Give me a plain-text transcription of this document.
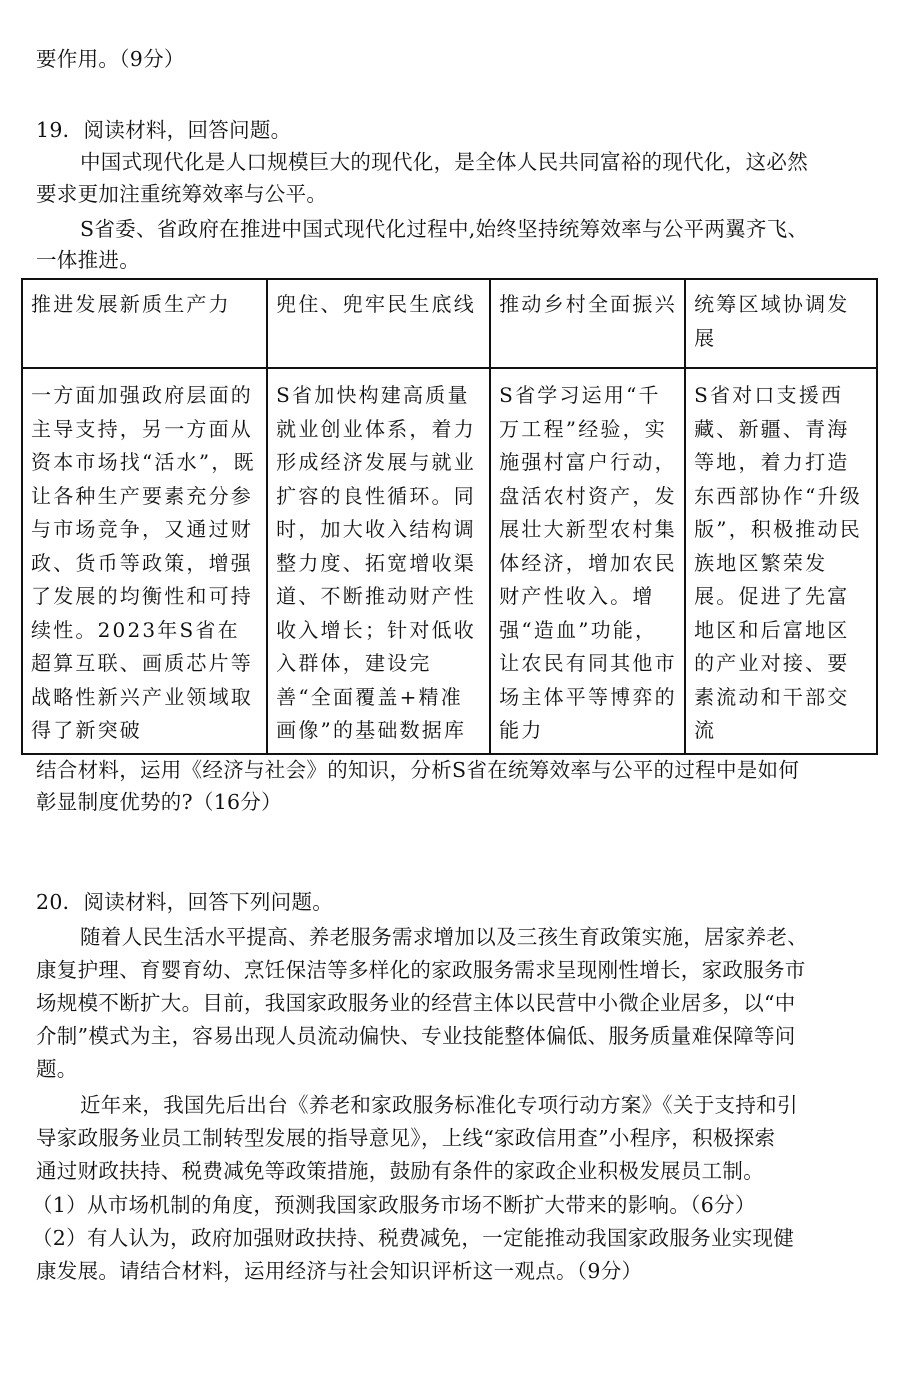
要作用。（9分）
19．阅读材料，回答问题。
中国式现代化是人口规模巨大的现代化，是全体人民共同富裕的现代化，这必然
要求更加注重统筹效率与公平。
S省委、省政府在推进中国式现代化过程中,始终坚持统筹效率与公平两翼齐飞、
一体推进。
推进发展新质生产力	兜住、兜牢民生底线	推动乡村全面振兴	统筹区域协调发展
一方面加强政府层面的主导支持，另一方面从资本市场找“活水”，既让各种生产要素充分参与市场竞争，又通过财政、货币等政策，增强了发展的均衡性和可持续性。2023年S省在超算互联、画质芯片等战略性新兴产业领域取得了新突破	S省加快构建高质量就业创业体系，着力形成经济发展与就业扩容的良性循环。同时，加大收入结构调整力度、拓宽增收渠道、不断推动财产性收入增长；针对低收入群体，建设完善“全面覆盖+精准画像”的基础数据库	S省学习运用“千万工程”经验，实施强村富户行动，盘活农村资产，发展壮大新型农村集体经济，增加农民财产性收入。增强“造血”功能，让农民有同其他市场主体平等博弈的能力	S省对口支援西藏、新疆、青海等地，着力打造东西部协作“升级版”，积极推动民族地区繁荣发展。促进了先富地区和后富地区的产业对接、要素流动和干部交流
结合材料，运用《经济与社会》的知识，分析S省在统筹效率与公平的过程中是如何
彰显制度优势的?（16分）
20．阅读材料，回答下列问题。
随着人民生活水平提高、养老服务需求增加以及三孩生育政策实施，居家养老、
康复护理、育婴育幼、烹饪保洁等多样化的家政服务需求呈现刚性增长，家政服务市
场规模不断扩大。目前，我国家政服务业的经营主体以民营中小微企业居多，以“中
介制”模式为主，容易出现人员流动偏快、专业技能整体偏低、服务质量难保障等问
题。
近年来，我国先后出台《养老和家政服务标准化专项行动方案》《关于支持和引
导家政服务业员工制转型发展的指导意见》，上线“家政信用查”小程序，积极探索
通过财政扶持、税费减免等政策措施，鼓励有条件的家政企业积极发展员工制。
（1）从市场机制的角度，预测我国家政服务市场不断扩大带来的影响。（6分）
（2）有人认为，政府加强财政扶持、税费减免，一定能推动我国家政服务业实现健
康发展。请结合材料，运用经济与社会知识评析这一观点。（9分）
